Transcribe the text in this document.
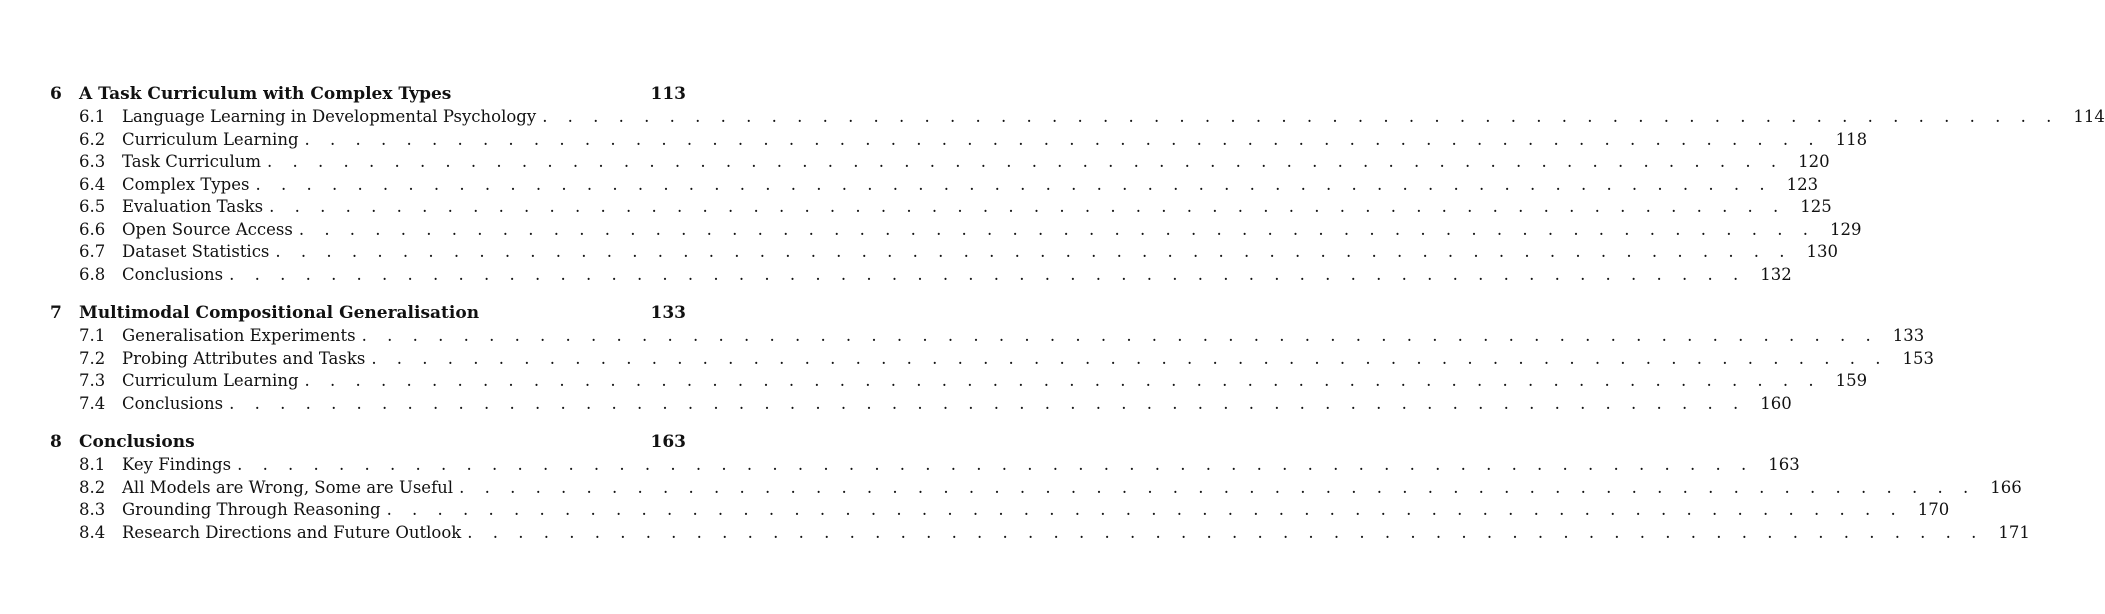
6	A Task Curriculum with Complex Types	113
6.1	Language Learning in Developmental Psychology . . . . . . . . . . . . . . . . . . . . . . . . . . . . . . . . . . . . . . . . . . . . . . . . . . . . . . . . . . . . 114
6.2	Curriculum Learning . . . . . . . . . . . . . . . . . . . . . . . . . . . . . . . . . . . . . . . . . . . . . . . . . . . . . . . . . . . . 118
6.3	Task Curriculum . . . . . . . . . . . . . . . . . . . . . . . . . . . . . . . . . . . . . . . . . . . . . . . . . . . . . . . . . . . . 120
6.4	Complex Types . . . . . . . . . . . . . . . . . . . . . . . . . . . . . . . . . . . . . . . . . . . . . . . . . . . . . . . . . . . . 123
6.5	Evaluation Tasks . . . . . . . . . . . . . . . . . . . . . . . . . . . . . . . . . . . . . . . . . . . . . . . . . . . . . . . . . . . . 125
6.6	Open Source Access . . . . . . . . . . . . . . . . . . . . . . . . . . . . . . . . . . . . . . . . . . . . . . . . . . . . . . . . . . . . 129
6.7	Dataset Statistics . . . . . . . . . . . . . . . . . . . . . . . . . . . . . . . . . . . . . . . . . . . . . . . . . . . . . . . . . . . . 130
6.8	Conclusions . . . . . . . . . . . . . . . . . . . . . . . . . . . . . . . . . . . . . . . . . . . . . . . . . . . . . . . . . . . . 132
7	Multimodal Compositional Generalisation	133
7.1	Generalisation Experiments . . . . . . . . . . . . . . . . . . . . . . . . . . . . . . . . . . . . . . . . . . . . . . . . . . . . . . . . . . . . 133
7.2	Probing Attributes and Tasks . . . . . . . . . . . . . . . . . . . . . . . . . . . . . . . . . . . . . . . . . . . . . . . . . . . . . . . . . . . . 153
7.3	Curriculum Learning . . . . . . . . . . . . . . . . . . . . . . . . . . . . . . . . . . . . . . . . . . . . . . . . . . . . . . . . . . . . 159
7.4	Conclusions . . . . . . . . . . . . . . . . . . . . . . . . . . . . . . . . . . . . . . . . . . . . . . . . . . . . . . . . . . . . 160
8	Conclusions	163
8.1	Key Findings . . . . . . . . . . . . . . . . . . . . . . . . . . . . . . . . . . . . . . . . . . . . . . . . . . . . . . . . . . . . 163
8.2	All Models are Wrong, Some are Useful . . . . . . . . . . . . . . . . . . . . . . . . . . . . . . . . . . . . . . . . . . . . . . . . . . . . . . . . . . . . 166
8.3	Grounding Through Reasoning . . . . . . . . . . . . . . . . . . . . . . . . . . . . . . . . . . . . . . . . . . . . . . . . . . . . . . . . . . . . 170
8.4	Research Directions and Future Outlook . . . . . . . . . . . . . . . . . . . . . . . . . . . . . . . . . . . . . . . . . . . . . . . . . . . . . . . . . . . . 171
